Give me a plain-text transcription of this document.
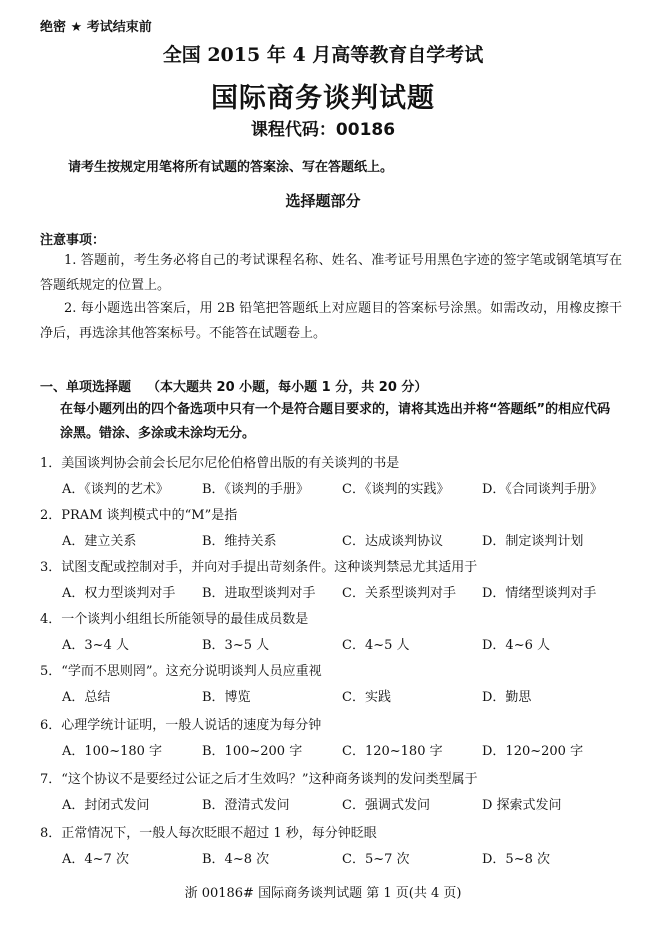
绝密 ★ 考试结束前
全国 2015 年 4 月高等教育自学考试
国际商务谈判试题
课程代码：00186
请考生按规定用笔将所有试题的答案涂、写在答题纸上。
选择题部分
注意事项：
1. 答题前，考生务必将自己的考试课程名称、姓名、准考证号用黑色字迹的签字笔或钢笔填写在答题纸规定的位置上。
2. 每小题选出答案后，用 2B 铅笔把答题纸上对应题目的答案标号涂黑。如需改动，用橡皮擦干净后，再选涂其他答案标号。不能答在试题卷上。
一、单项选择题 （本大题共 20 小题，每小题 1 分，共 20 分）
在每小题列出的四个备选项中只有一个是符合题目要求的，请将其选出并将“答题纸”的相应代码涂黑。错涂、多涂或未涂均无分。
1．美国谈判协会前会长尼尔尼伦伯格曾出版的有关谈判的书是
A．《谈判的艺术》	B．《谈判的手册》	C．《谈判的实践》	D．《合同谈判手册》
2．PRAM 谈判模式中的“M”是指
A．建立关系	B．维持关系	C．达成谈判协议	D．制定谈判计划
3．试图支配或控制对手，并向对手提出苛刻条件。这种谈判禁忌尤其适用于
A．权力型谈判对手 B．进取型谈判对手 C．关系型谈判对手 D．情绪型谈判对手
4．一个谈判小组组长所能领导的最佳成员数是
A．3~4 人	B．3~5 人	C．4~5 人	D．4~6 人
5．“学而不思则罔”。这充分说明谈判人员应重视
A．总结	B．博览	C．实践	D．勤思
6．心理学统计证明，一般人说话的速度为每分钟
A．100~180 字	B．100~200 字	C．120~180 字	D．120~200 字
7．“这个协议不是要经过公证之后才生效吗？”这种商务谈判的发问类型属于
A．封闭式发问	B．澄清式发问	C．强调式发问	D 探索式发问
8．正常情况下，一般人每次眨眼不超过 1 秒，每分钟眨眼
A．4~7 次	B．4~8 次	C．5~7 次	D．5~8 次
浙 00186# 国际商务谈判试题 第 1 页(共 4 页)
